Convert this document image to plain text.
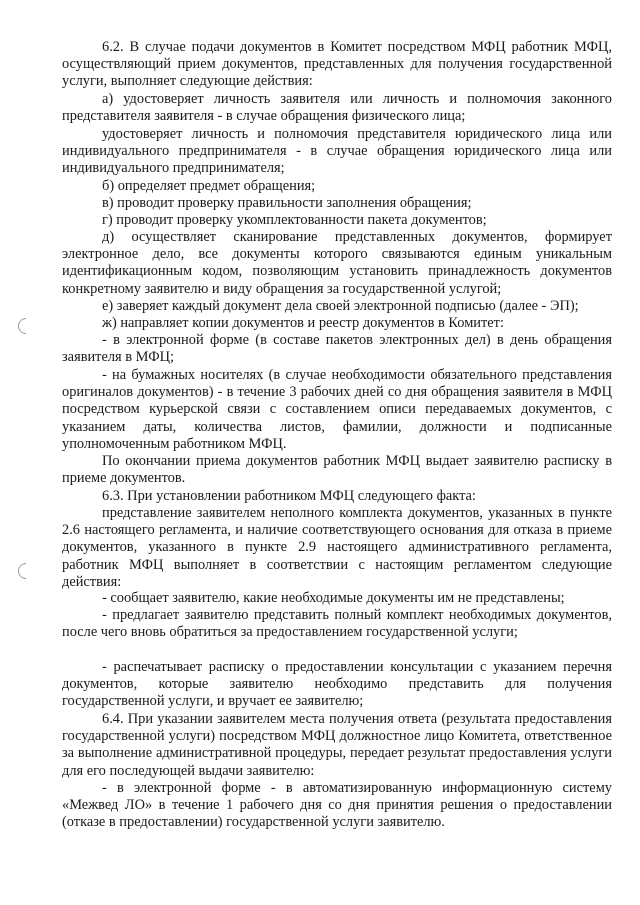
6.2. В случае подачи документов в Комитет посредством МФЦ работник МФЦ, осуществляющий прием документов, представленных для получения государственной услуги, выполняет следующие действия:

а) удостоверяет личность заявителя или личность и полномочия законного представителя заявителя - в случае обращения физического лица;

удостоверяет личность и полномочия представителя юридического лица или индивидуального предпринимателя - в случае обращения юридического лица или индивидуального предпринимателя;

б) определяет предмет обращения;

в) проводит проверку правильности заполнения обращения;

г) проводит проверку укомплектованности пакета документов;

д) осуществляет сканирование представленных документов, формирует электронное дело, все документы которого связываются единым уникальным идентификационным кодом, позволяющим установить принадлежность документов конкретному заявителю и виду обращения за государственной услугой;

е) заверяет каждый документ дела своей электронной подписью (далее - ЭП);

ж) направляет копии документов и реестр документов в Комитет:

- в электронной форме (в составе пакетов электронных дел) в день обращения заявителя в МФЦ;

- на бумажных носителях (в случае необходимости обязательного представления оригиналов документов) - в течение 3 рабочих дней со дня обращения заявителя в МФЦ посредством курьерской связи с составлением описи передаваемых документов, с указанием даты, количества листов, фамилии, должности и подписанные уполномоченным работником МФЦ.

По окончании приема документов работник МФЦ выдает заявителю расписку в приеме документов.

6.3. При установлении работником МФЦ следующего факта:

представление заявителем неполного комплекта документов, указанных в пункте 2.6 настоящего регламента, и наличие соответствующего основания для отказа в приеме документов, указанного в пункте 2.9 настоящего административного регламента, работник МФЦ выполняет в соответствии с настоящим регламентом следующие действия:

- сообщает заявителю, какие необходимые документы им не представлены;

- предлагает заявителю представить полный комплект необходимых документов, после чего вновь обратиться за предоставлением государственной услуги;

- распечатывает расписку о предоставлении консультации с указанием перечня документов, которые заявителю необходимо представить для получения государственной услуги, и вручает ее заявителю;

6.4. При указании заявителем места получения ответа (результата предоставления государственной услуги) посредством МФЦ должностное лицо Комитета, ответственное за выполнение административной процедуры, передает результат предоставления услуги для его последующей выдачи заявителю:

- в электронной форме - в автоматизированную информационную систему «Межвед ЛО» в течение 1 рабочего дня со дня принятия решения о предоставлении (отказе в предоставлении) государственной услуги заявителю.
